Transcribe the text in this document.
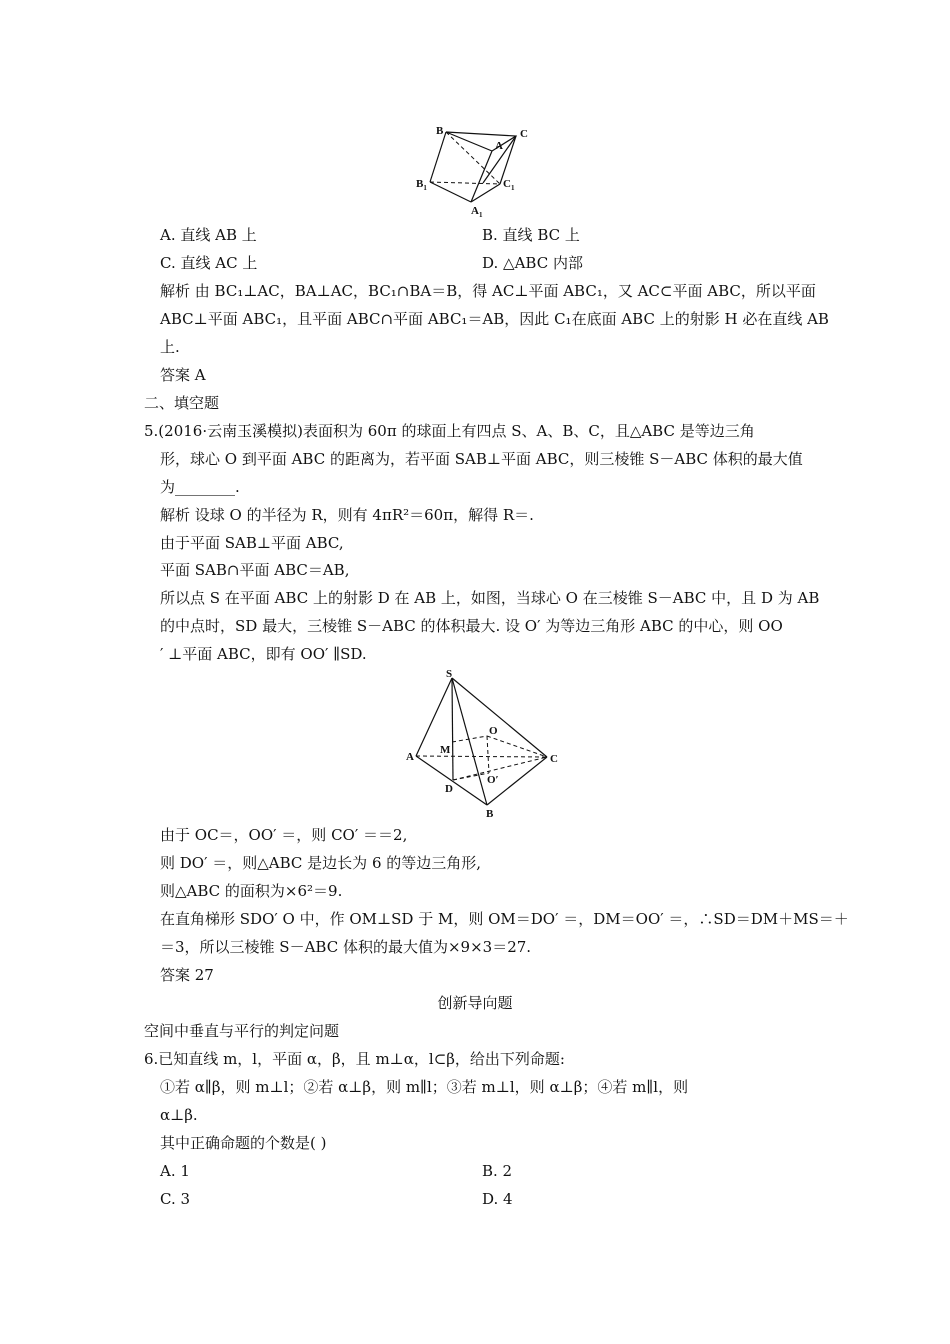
B	C
A
$B_1$	$C_1$
$A_1$
A. 直线 AB 上	B. 直线 BC 上
C. 直线 AC 上	D. △ABC 内部
解析 由 BC₁⊥AC，BA⊥AC，BC₁∩BA＝B，得 AC⊥平面 ABC₁，又 AC⊂平面 ABC，所以平面
ABC⊥平面 ABC₁，且平面 ABC∩平面 ABC₁＝AB，因此 C₁在底面 ABC 上的射影 H 必在直线 AB
上.
答案 A
二、填空题
5.(2016·云南玉溪模拟)表面积为 60π 的球面上有四点 S、A、B、C，且△ABC 是等边三角
形，球心 O 到平面 ABC 的距离为，若平面 SAB⊥平面 ABC，则三棱锥 S－ABC 体积的最大值
为________.
解析 设球 O 的半径为 R，则有 4πR²＝60π，解得 R＝.
由于平面 SAB⊥平面 ABC,
平面 SAB∩平面 ABC＝AB,
所以点 S 在平面 ABC 上的射影 D 在 AB 上，如图，当球心 O 在三棱锥 S－ABC 中，且 D 为 AB
的中点时，SD 最大，三棱锥 S－ABC 的体积最大. 设 O′ 为等边三角形 ABC 的中心，则 OO
′ ⊥平面 ABC，即有 OO′ ∥SD.
S
A
B
C
D
M
O
O′
由于 OC＝，OO′ ＝，则 CO′ ＝＝2,
则 DO′ ＝，则△ABC 是边长为 6 的等边三角形,
则△ABC 的面积为×6²＝9.
在直角梯形 SDO′ O 中，作 OM⊥SD 于 M，则 OM＝DO′ ＝，DM＝OO′ ＝，∴SD＝DM＋MS＝＋
＝3，所以三棱锥 S－ABC 体积的最大值为×9×3＝27.
答案 27
创新导向题
空间中垂直与平行的判定问题
6.已知直线 m，l，平面 α，β，且 m⊥α，l⊂β，给出下列命题:
①若 α∥β，则 m⊥l；②若 α⊥β，则 m∥l；③若 m⊥l，则 α⊥β；④若 m∥l，则
α⊥β.
其中正确命题的个数是( )
A. 1	B. 2
C. 3	D. 4
